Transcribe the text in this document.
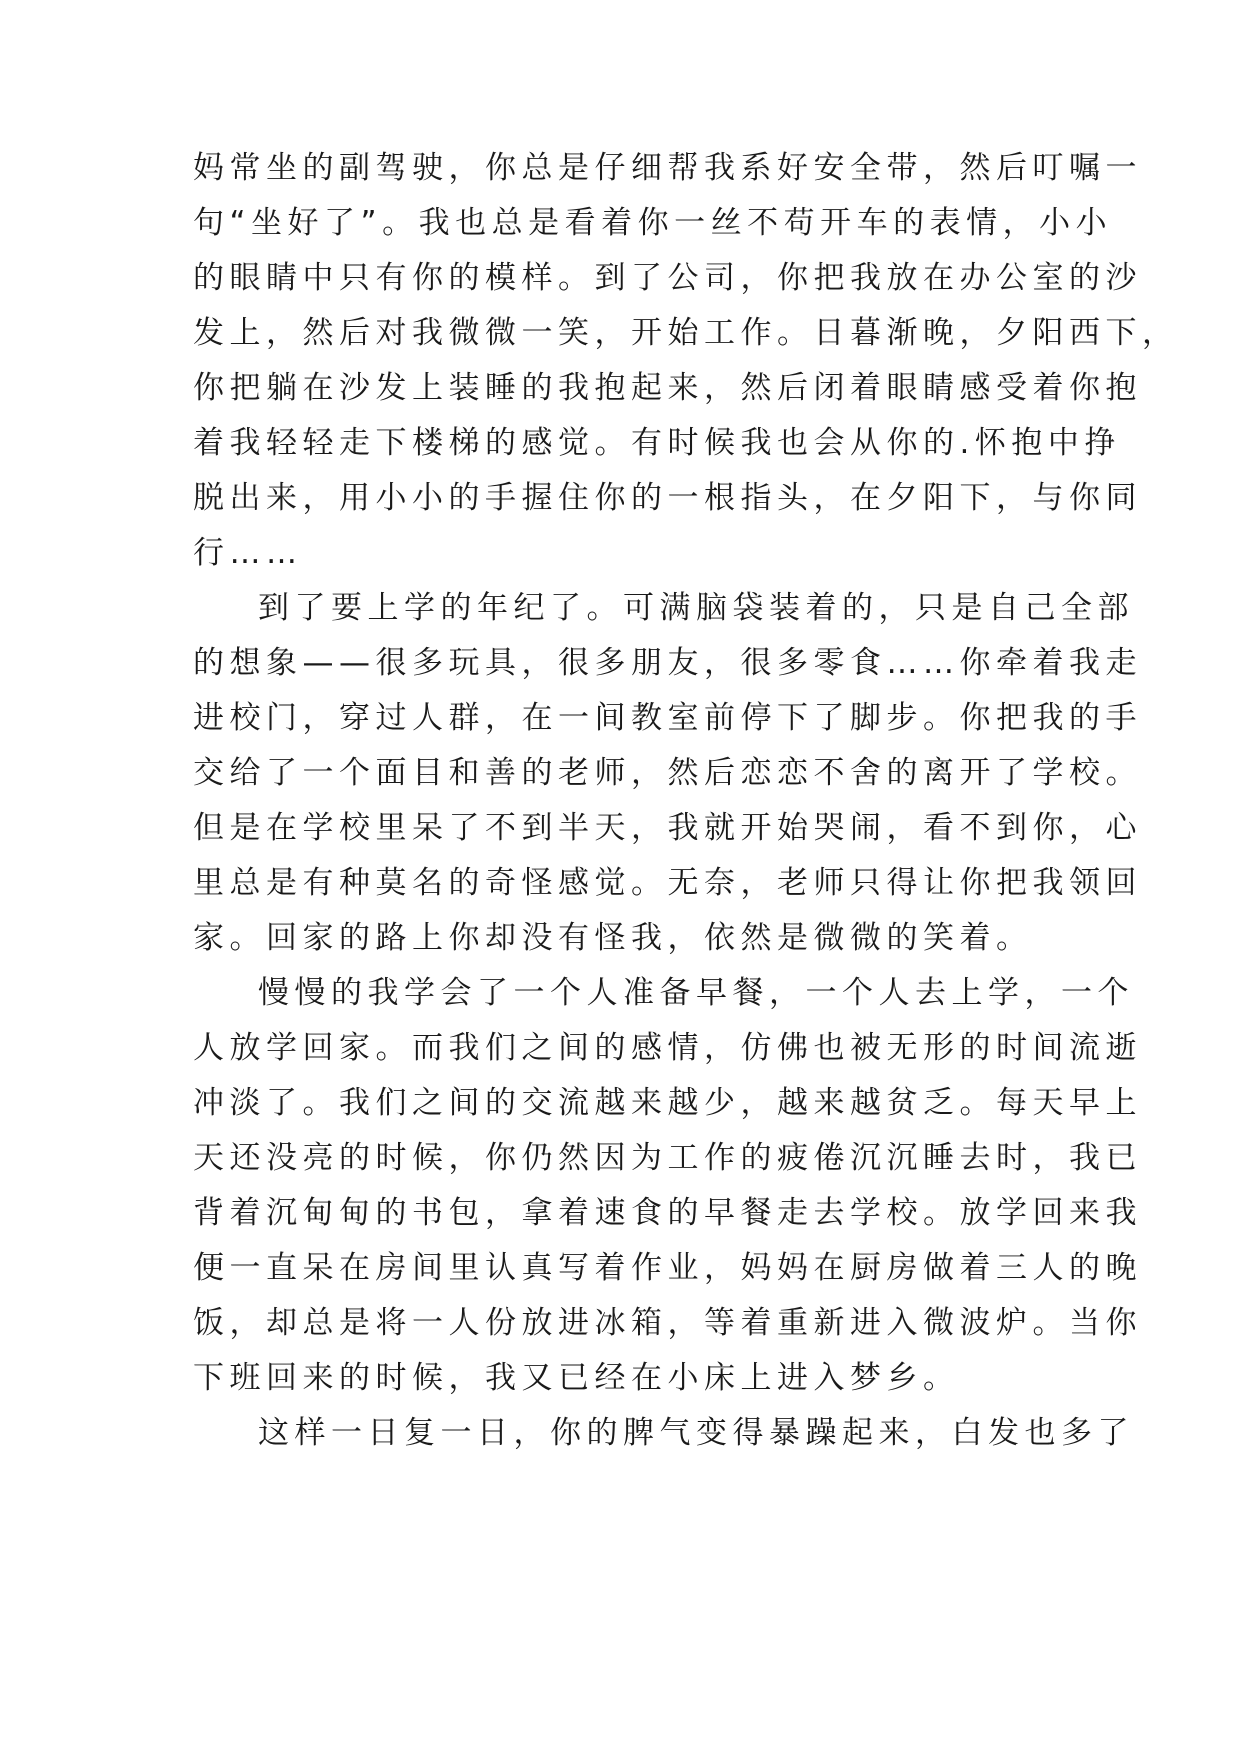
妈常坐的副驾驶，你总是仔细帮我系好安全带，然后叮嘱一
句“坐好了”。我也总是看着你一丝不苟开车的表情，小小
的眼睛中只有你的模样。到了公司，你把我放在办公室的沙
发上，然后对我微微一笑，开始工作。日暮渐晚，夕阳西下，
你把躺在沙发上装睡的我抱起来，然后闭着眼睛感受着你抱
着我轻轻走下楼梯的感觉。有时候我也会从你的.怀抱中挣
脱出来，用小小的手握住你的一根指头，在夕阳下，与你同
行……
到了要上学的年纪了。可满脑袋装着的，只是自己全部
的想象——很多玩具，很多朋友，很多零食……你牵着我走
进校门，穿过人群，在一间教室前停下了脚步。你把我的手
交给了一个面目和善的老师，然后恋恋不舍的离开了学校。
但是在学校里呆了不到半天，我就开始哭闹，看不到你，心
里总是有种莫名的奇怪感觉。无奈，老师只得让你把我领回
家。回家的路上你却没有怪我，依然是微微的笑着。
慢慢的我学会了一个人准备早餐，一个人去上学，一个
人放学回家。而我们之间的感情，仿佛也被无形的时间流逝
冲淡了。我们之间的交流越来越少，越来越贫乏。每天早上
天还没亮的时候，你仍然因为工作的疲倦沉沉睡去时，我已
背着沉甸甸的书包，拿着速食的早餐走去学校。放学回来我
便一直呆在房间里认真写着作业，妈妈在厨房做着三人的晚
饭，却总是将一人份放进冰箱，等着重新进入微波炉。当你
下班回来的时候，我又已经在小床上进入梦乡。
这样一日复一日，你的脾气变得暴躁起来，白发也多了
